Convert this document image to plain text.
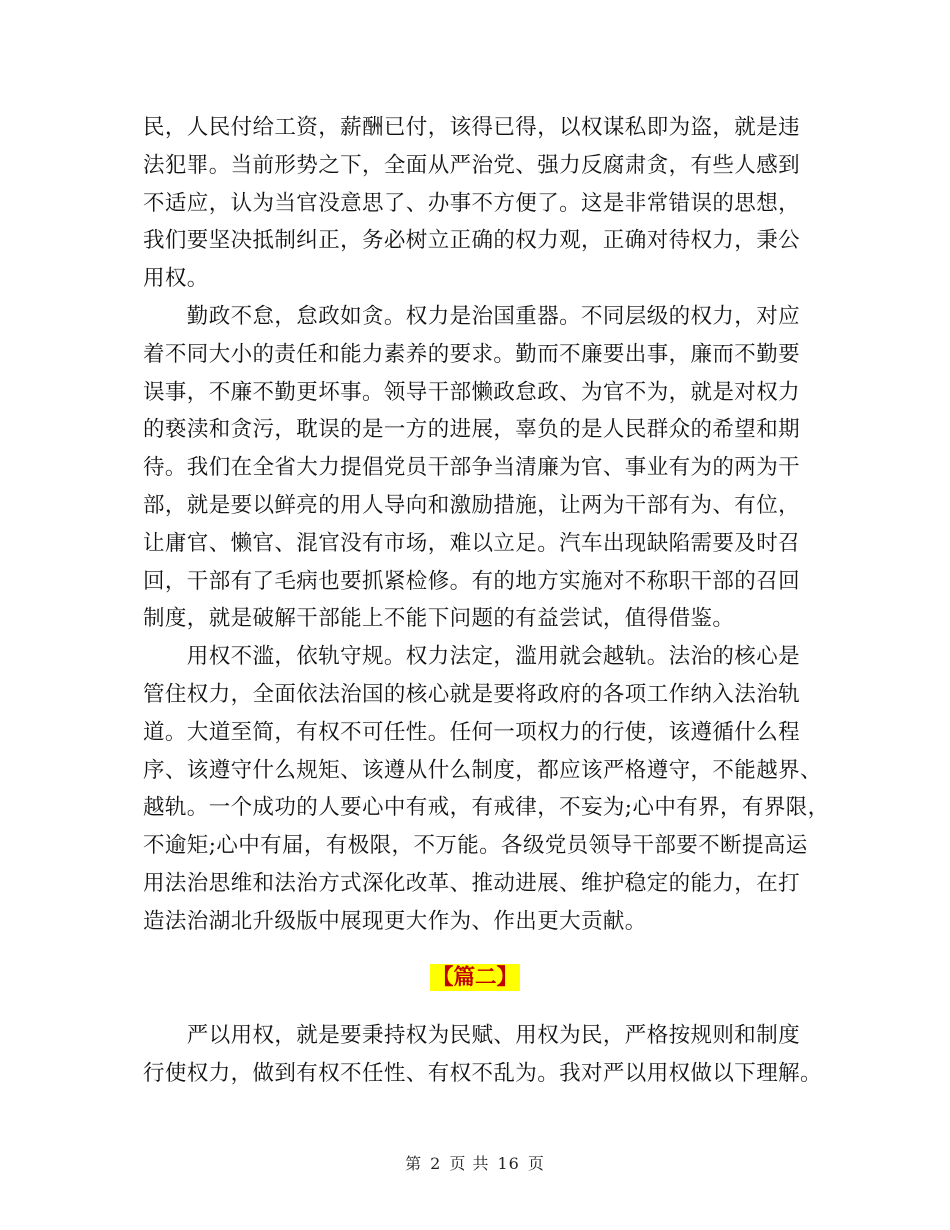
民，人民付给工资，薪酬已付，该得已得，以权谋私即为盗，就是违
法犯罪。当前形势之下，全面从严治党、强力反腐肃贪，有些人感到
不适应，认为当官没意思了、办事不方便了。这是非常错误的思想，
我们要坚决抵制纠正，务必树立正确的权力观，正确对待权力，秉公
用权。

　　勤政不怠，怠政如贪。权力是治国重器。不同层级的权力，对应
着不同大小的责任和能力素养的要求。勤而不廉要出事，廉而不勤要
误事，不廉不勤更坏事。领导干部懒政怠政、为官不为，就是对权力
的亵渎和贪污，耽误的是一方的进展，辜负的是人民群众的希望和期
待。我们在全省大力提倡党员干部争当清廉为官、事业有为的两为干
部，就是要以鲜亮的用人导向和激励措施，让两为干部有为、有位，
让庸官、懒官、混官没有市场，难以立足。汽车出现缺陷需要及时召
回，干部有了毛病也要抓紧检修。有的地方实施对不称职干部的召回
制度，就是破解干部能上不能下问题的有益尝试，值得借鉴。

　　用权不滥，依轨守规。权力法定，滥用就会越轨。法治的核心是
管住权力，全面依法治国的核心就是要将政府的各项工作纳入法治轨
道。大道至简，有权不可任性。任何一项权力的行使，该遵循什么程
序、该遵守什么规矩、该遵从什么制度，都应该严格遵守，不能越界、
越轨。一个成功的人要心中有戒，有戒律，不妄为;心中有界，有界限，
不逾矩;心中有届，有极限，不万能。各级党员领导干部要不断提高运
用法治思维和法治方式深化改革、推动进展、维护稳定的能力，在打
造法治湖北升级版中展现更大作为、作出更大贡献。

【篇二】

　　严以用权，就是要秉持权为民赋、用权为民，严格按规则和制度
行使权力，做到有权不任性、有权不乱为。我对严以用权做以下理解。

第 2 页 共 16 页
